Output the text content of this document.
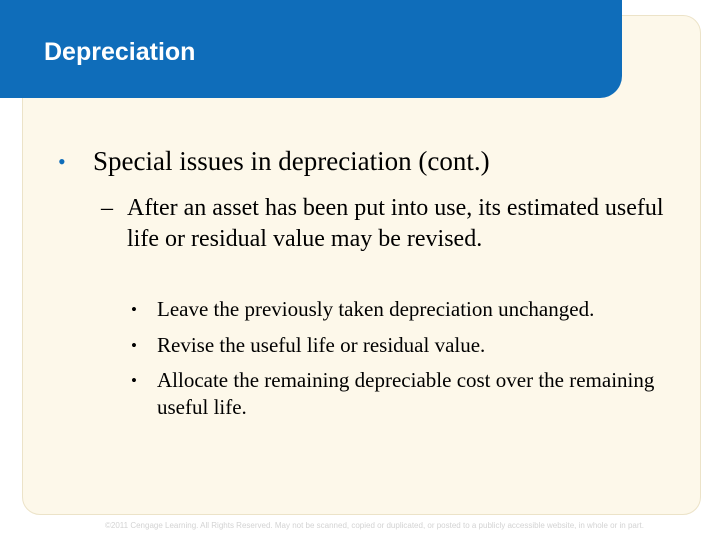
Depreciation
•	Special issues in depreciation (cont.)
– After an asset has been put into use, its estimated useful life or residual value may be revised.
• Leave the previously taken depreciation unchanged.
• Revise the useful life or residual value.
• Allocate the remaining depreciable cost over the remaining useful life.
©2011 Cengage Learning. All Rights Reserved. May not be scanned, copied or duplicated, or posted to a publicly accessible website, in whole or in part.
